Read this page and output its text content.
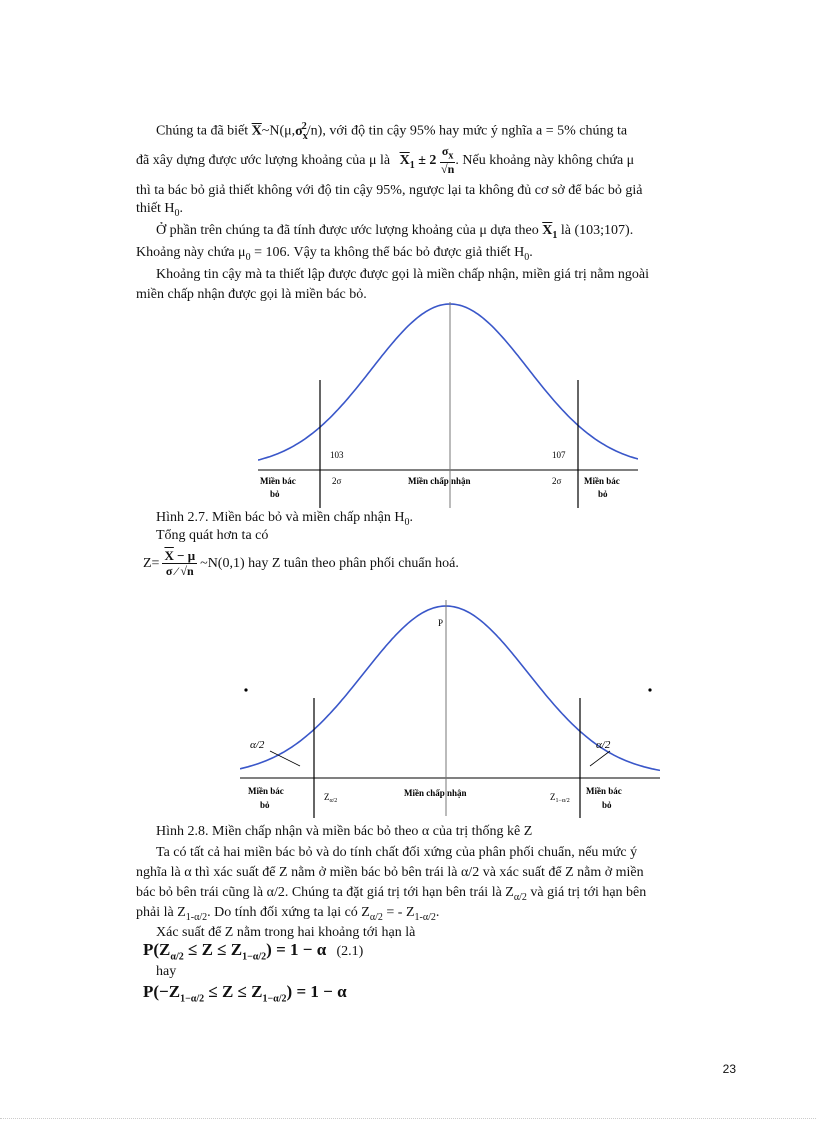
Chúng ta đã biết $\overline{X}\sim N(\mu,\sigma_x^2/n)$, với độ tin cậy 95% hay mức ý nghĩa a = 5% chúng ta

đã xây dựng được ước lượng khoảng của μ là $\overline{X}_1 \pm 2 \frac{\sigma_x}{√n}$ . Nếu khoảng này không chứa μ

thì ta bác bỏ giả thiết không với độ tin cậy 95%, ngược lại ta không đủ cơ sở để bác bỏ giả

thiết $H_0$.

Ở phần trên chúng ta đã tính được ước lượng khoảng của μ dựa theo $\overline{X}_1$ là (103;107).

Khoảng này chứa $\mu_0 = 106$. Vậy ta không thể bác bỏ được giả thiết $H_0$.

Khoảng tin cậy mà ta thiết lập được được gọi là miền chấp nhận, miền giá trị nằm ngoài

miền chấp nhận được gọi là miền bác bỏ.

103	107
Miền bác
bỏ
Miền bác
bỏ
Miền chấp nhận
2σ	2σ
Hình 2.7. Miền bác bỏ và miền chấp nhận $H_0$.
Tổng quát hơn ta có
$Z= \frac{\overline{X} - \mu}{\sigma ⁄ √n}$ ~N(0,1) hay Z tuân theo phân phối chuẩn hoá.
P
α/2	α/2
Miền bác
bỏ
Miền bác
bỏ
Miền chấp nhận
$Z_{\alpha/2}$	$Z_{1-\alpha/2}$
Hình 2.8. Miền chấp nhận và miền bác bỏ theo α của trị thống kê Z

Ta có tất cả hai miền bác bỏ và do tính chất đối xứng của phân phối chuẩn, nếu mức ý

nghĩa là α thì xác suất để Z nằm ở miền bác bỏ bên trái là α/2 và xác suất để Z nằm ở miền

bác bỏ bên trái cũng là α/2. Chúng ta đặt giá trị tới hạn bên trái là $Z_{\alpha/2}$ và giá trị tới hạn bên

phải là $Z_{1-\alpha/2}$. Do tính đối xứng ta lại có $Z_{\alpha/2}$ = - $Z_{1-\alpha/2}$.

Xác suất để Z nằm trong hai khoảng tới hạn là

$P(Z_{\alpha/2} \le Z \le Z_{1-\alpha/2}) = 1 - \alpha$ (2.1)
hay
$P(-Z_{1-\alpha/2} \le Z \le Z_{1-\alpha/2}) = 1 - \alpha$
23
